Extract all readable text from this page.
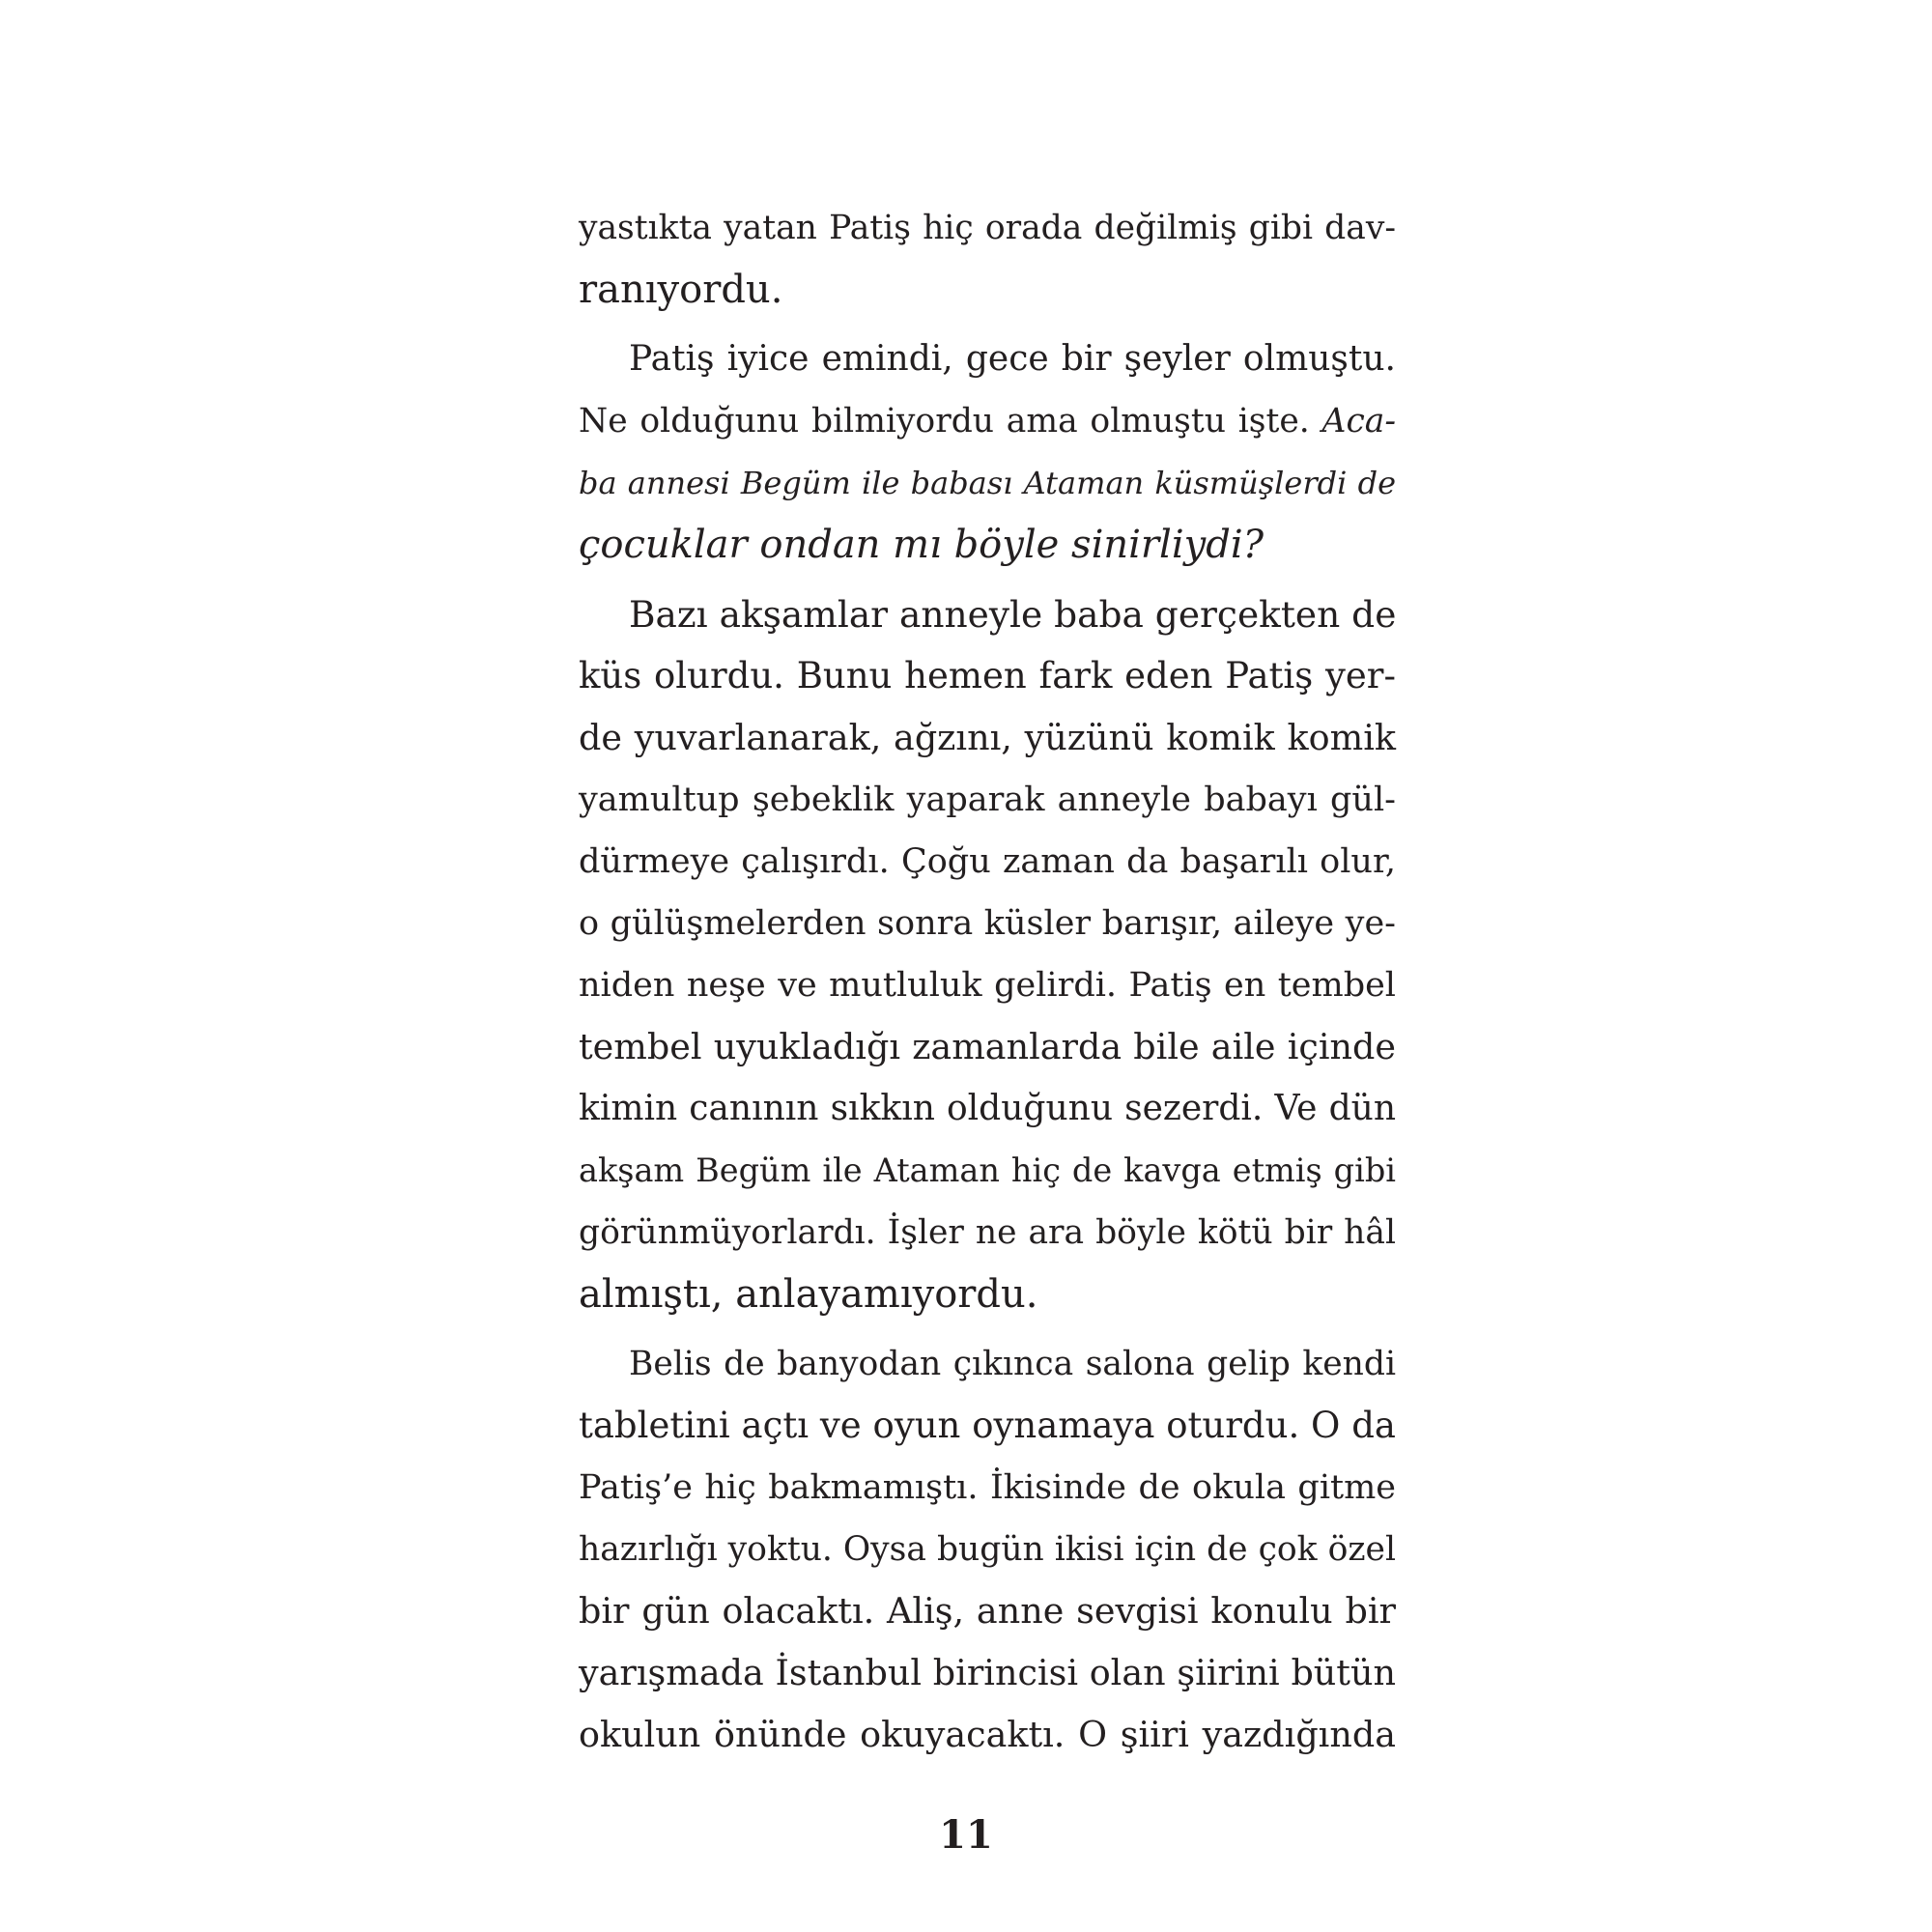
yastıkta yatan Patiş hiç orada değilmiş gibi dav-
ranıyordu.
Patiş iyice emindi, gece bir şeyler olmuştu.
Ne olduğunu bilmiyordu ama olmuştu işte. Aca-
ba annesi Begüm ile babası Ataman küsmüşlerdi de
çocuklar ondan mı böyle sinirliydi?
Bazı akşamlar anneyle baba gerçekten de
küs olurdu. Bunu hemen fark eden Patiş yer-
de yuvarlanarak, ağzını, yüzünü komik komik
yamultup şebeklik yaparak anneyle babayı gül-
dürmeye çalışırdı. Çoğu zaman da başarılı olur,
o gülüşmelerden sonra küsler barışır, aileye ye-
niden neşe ve mutluluk gelirdi. Patiş en tembel
tembel uyukladığı zamanlarda bile aile içinde
kimin canının sıkkın olduğunu sezerdi. Ve dün
akşam Begüm ile Ataman hiç de kavga etmiş gibi
görünmüyorlardı. İşler ne ara böyle kötü bir hâl
almıştı, anlayamıyordu.
Belis de banyodan çıkınca salona gelip kendi
tabletini açtı ve oyun oynamaya oturdu. O da
Patiş’e hiç bakmamıştı. İkisinde de okula gitme
hazırlığı yoktu. Oysa bugün ikisi için de çok özel
bir gün olacaktı. Aliş, anne sevgisi konulu bir
yarışmada İstanbul birincisi olan şiirini bütün
okulun önünde okuyacaktı. O şiiri yazdığında
11
